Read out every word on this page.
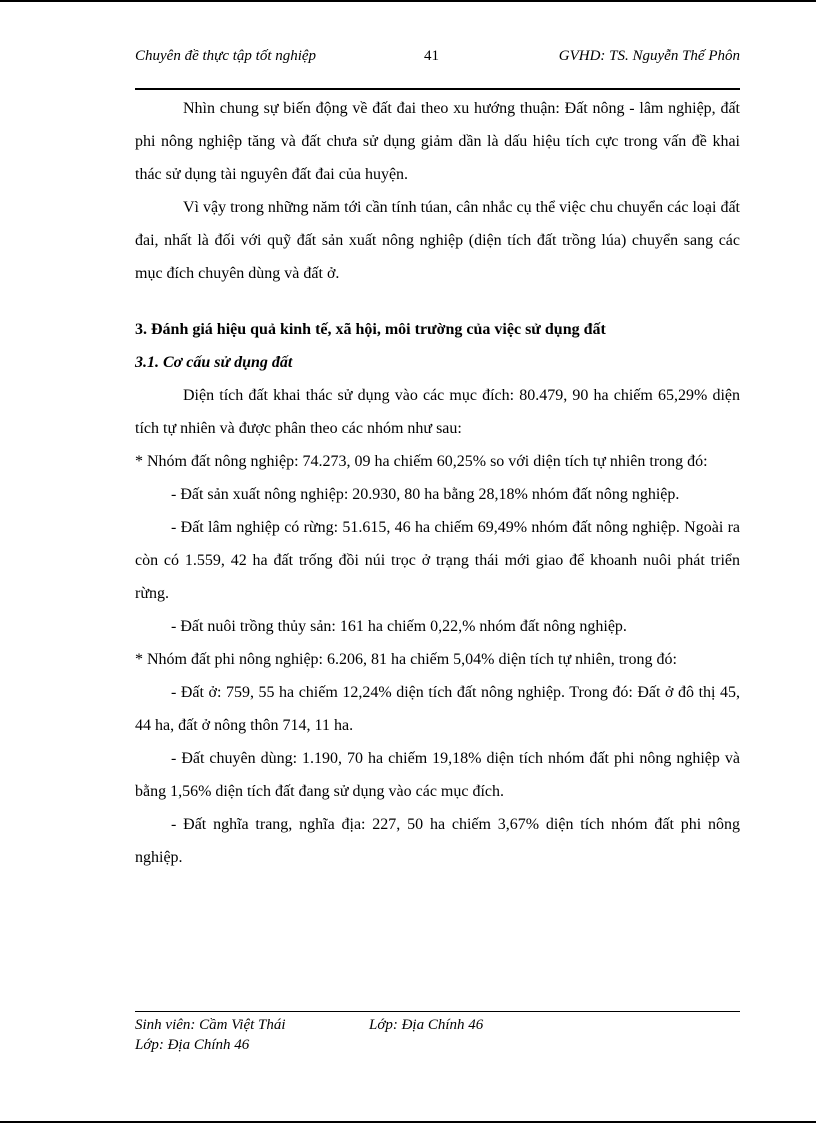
Chuyên đề thực tập tốt nghiệp	41	GVHD: TS. Nguyễn Thế Phôn

Nhìn chung sự biến động về đất đai theo xu hướng thuận: Đất nông - lâm nghiệp, đất phi nông nghiệp tăng và đất chưa sử dụng giảm dần là dấu hiệu tích cực trong vấn đề khai thác sử dụng tài nguyên đất đai của huyện.

Vì vậy trong những năm tới cần tính túan, cân nhắc cụ thể việc chu chuyển các loại đất đai, nhất là đối với quỹ đất sản xuất nông nghiệp (diện tích đất trồng lúa) chuyển sang các mục đích chuyên dùng và đất ở.

3. Đánh giá hiệu quả kinh tế, xã hội, môi trường của việc sử dụng đất

3.1. Cơ cấu sử dụng đất

Diện tích đất khai thác sử dụng vào các mục đích: 80.479, 90 ha chiếm 65,29% diện tích tự nhiên và được phân theo các nhóm như sau:

* Nhóm đất nông nghiệp: 74.273, 09 ha chiếm 60,25% so với diện tích tự nhiên trong đó:

- Đất sản xuất nông nghiệp: 20.930, 80 ha bằng 28,18% nhóm đất nông nghiệp.

- Đất lâm nghiệp có rừng: 51.615, 46 ha chiếm 69,49% nhóm đất nông nghiệp. Ngoài ra còn có 1.559, 42 ha đất trống đồi núi trọc ở trạng thái mới giao để khoanh nuôi phát triển rừng.

- Đất nuôi trồng thủy sản: 161 ha chiếm 0,22,% nhóm đất nông nghiệp.

* Nhóm đất phi nông nghiệp: 6.206, 81 ha chiếm 5,04% diện tích tự nhiên, trong đó:

- Đất ở: 759, 55 ha chiếm 12,24% diện tích đất nông nghiệp. Trong đó: Đất ở đô thị 45, 44 ha, đất ở nông thôn 714, 11 ha.

- Đất chuyên dùng: 1.190, 70 ha chiếm 19,18% diện tích nhóm đất phi nông nghiệp và bằng 1,56% diện tích đất đang sử dụng vào các mục đích.

- Đất nghĩa trang, nghĩa địa: 227, 50 ha chiếm 3,67% diện tích nhóm đất phi nông nghiệp.

Sinh viên: Cầm Việt Thái	Lớp: Địa Chính 46
Lớp: Địa Chính 46
